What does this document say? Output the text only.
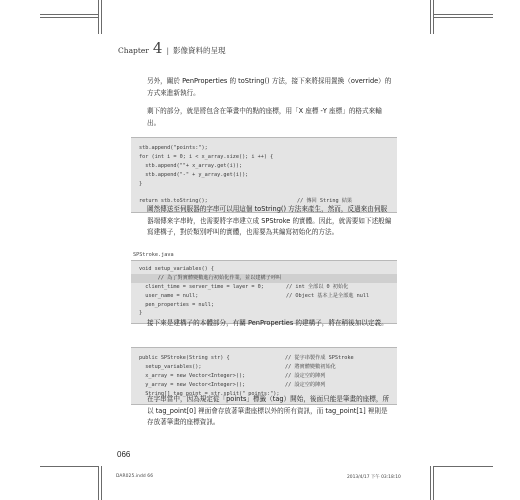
Chapter 4 | 影像資料的呈現
另外，關於 PenProperties 的 toString() 方法，接下來將採用置換（override）的方式來進新執行。
剩下的部分，就是將包含在筆畫中的點的座標，用「X 座標 -Y 座標」的格式來輸出。
stb.append("points:");
for (int i = 0; i < x_array.size(); i ++) {
stb.append(""+ x_array.get(i));
stb.append("-" + y_array.get(i));
}
return stb.toString();	// 傳回 String 結果
圖然傳送至伺服器的字串可以用這個 toString() 方法來產生，然而，反過來由伺服器端傳來字串時，也需要將字串建立成 SPStroke 的實體。因此，就需要如下述般編寫建構子，對於類別呼叫的實體，也需要為其編寫初始化的方法。
SPStroke.java
void setup_variables() {
// 為了對實體變數進行初始化作業，並以建構子呼叫
client_time = server_time = layer = 0;	// int 全部以 0 初始化
user_name = null;	// Object 基本上是全部進 null
pen_properties = null;
}
接下來是建構子的本體部分，有關 PenProperties 的建構子，將在稍後加以定義。
public SPStroke(String str) {	// 從字串製作成 SPStroke
setup_variables();	// 將實體變數初始化
x_array = new Vector<Integer>();	// 設定空的陣列
y_array = new Vector<Integer>();	// 設定空的陣列
String[] tag_point = str.split(" points:");
在字串當中，因為規定從「points」標籤（tag）開始，後面只能是筆畫的座標，所以 tag_point[0] 裡面會存放著筆畫座標以外的所有資訊，而 tag_point[1] 裡則是存放著筆畫的座標資訊。
066
DAR025.indd 66	2013/4/17 下午 03:18:10
